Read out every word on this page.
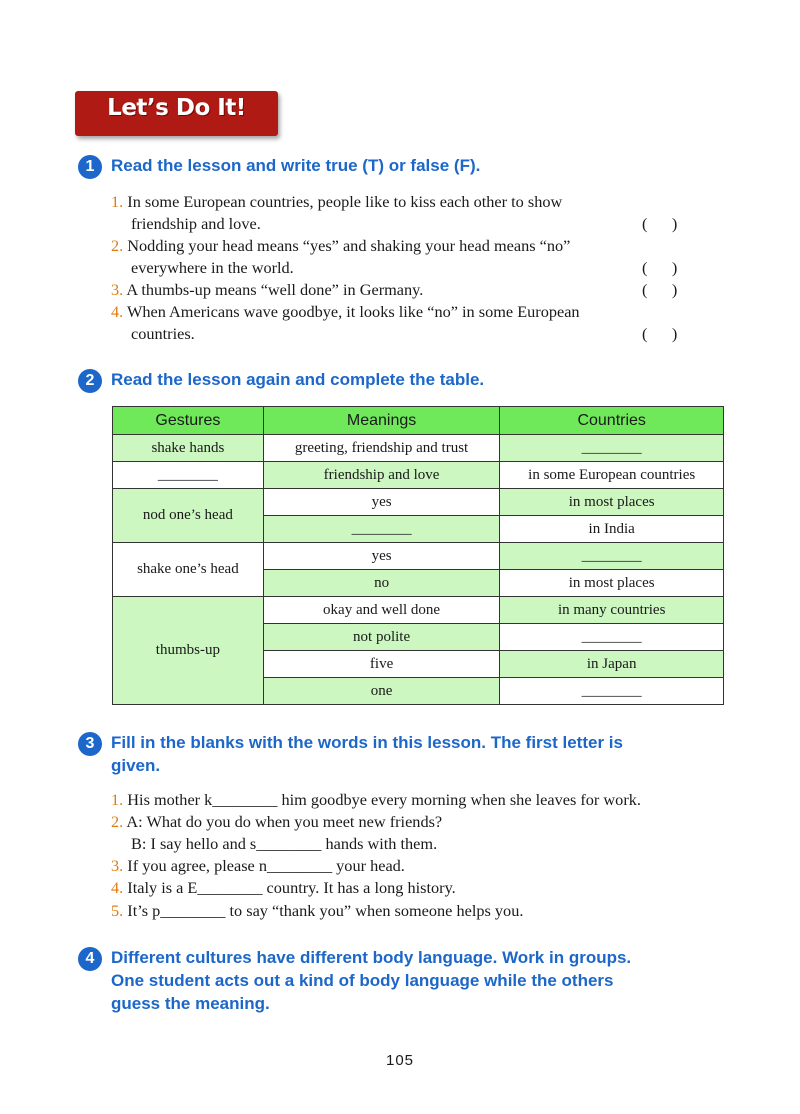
Let’s Do It!
1 Read the lesson and write true (T) or false (F).
1. In some European countries, people like to kiss each other to show
friendship and love.	(      )
2. Nodding your head means “yes” and shaking your head means “no”
everywhere in the world.	(      )
3. A thumbs-up means “well done” in Germany.	(      )
4. When Americans wave goodbye, it looks like “no” in some European
countries.	(      )
2 Read the lesson again and complete the table.
Gestures	Meanings	Countries
shake hands	greeting, friendship and trust	________
________	friendship and love	in some European countries
nod one’s head	yes	in most places
	________	in India
shake one’s head	yes	________
	no	in most places
thumbs-up	okay and well done	in many countries
	not polite	________
	five	in Japan
	one	________
3 Fill in the blanks with the words in this lesson. The first letter is
given.
1. His mother k________ him goodbye every morning when she leaves for work.
2. A: What do you do when you meet new friends?
B: I say hello and s________ hands with them.
3. If you agree, please n________ your head.
4. Italy is a E________ country. It has a long history.
5. It’s p________ to say “thank you” when someone helps you.
4 Different cultures have different body language. Work in groups.
One student acts out a kind of body language while the others
guess the meaning.
105
